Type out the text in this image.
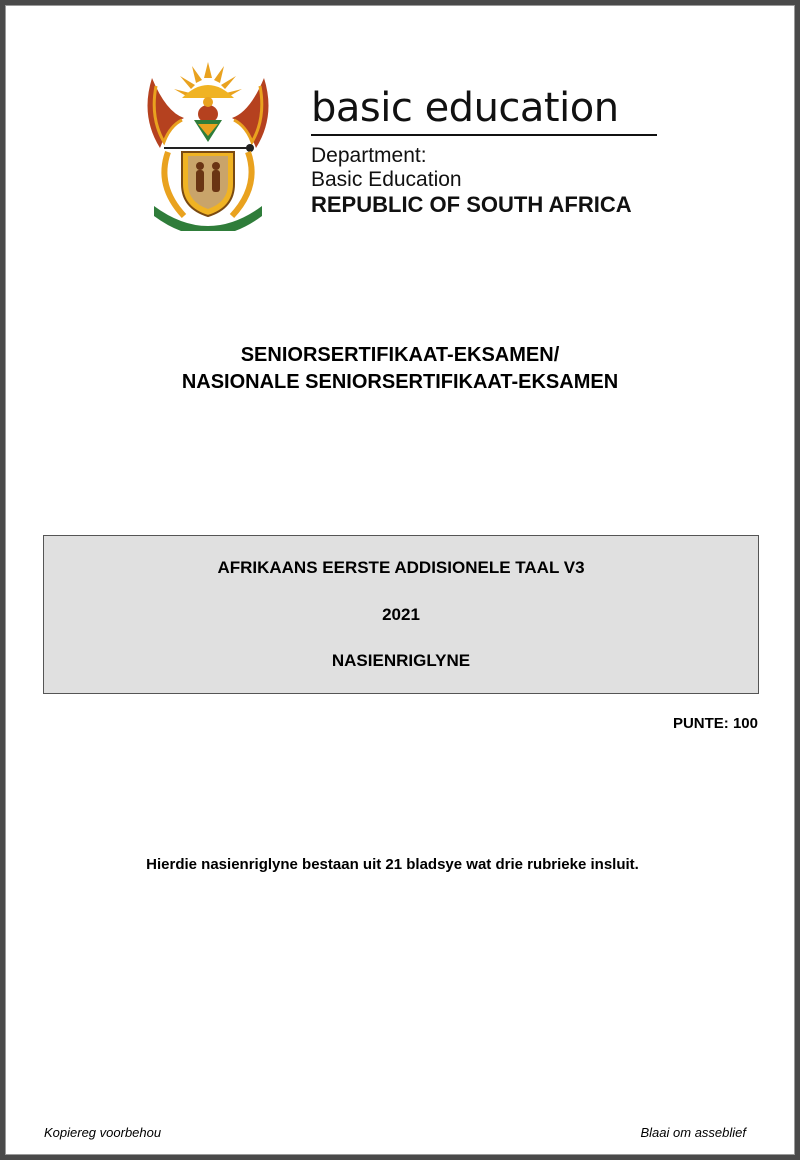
basic education
Department:
Basic Education
REPUBLIC OF SOUTH AFRICA
SENIORSERTIFIKAAT-EKSAMEN/
NASIONALE SENIORSERTIFIKAAT-EKSAMEN
AFRIKAANS EERSTE ADDISIONELE TAAL V3
2021
NASIENRIGLYNE
PUNTE: 100
Hierdie nasienriglyne bestaan uit 21 bladsye wat drie rubrieke insluit.
Kopiereg voorbehou	Blaai om asseblief
